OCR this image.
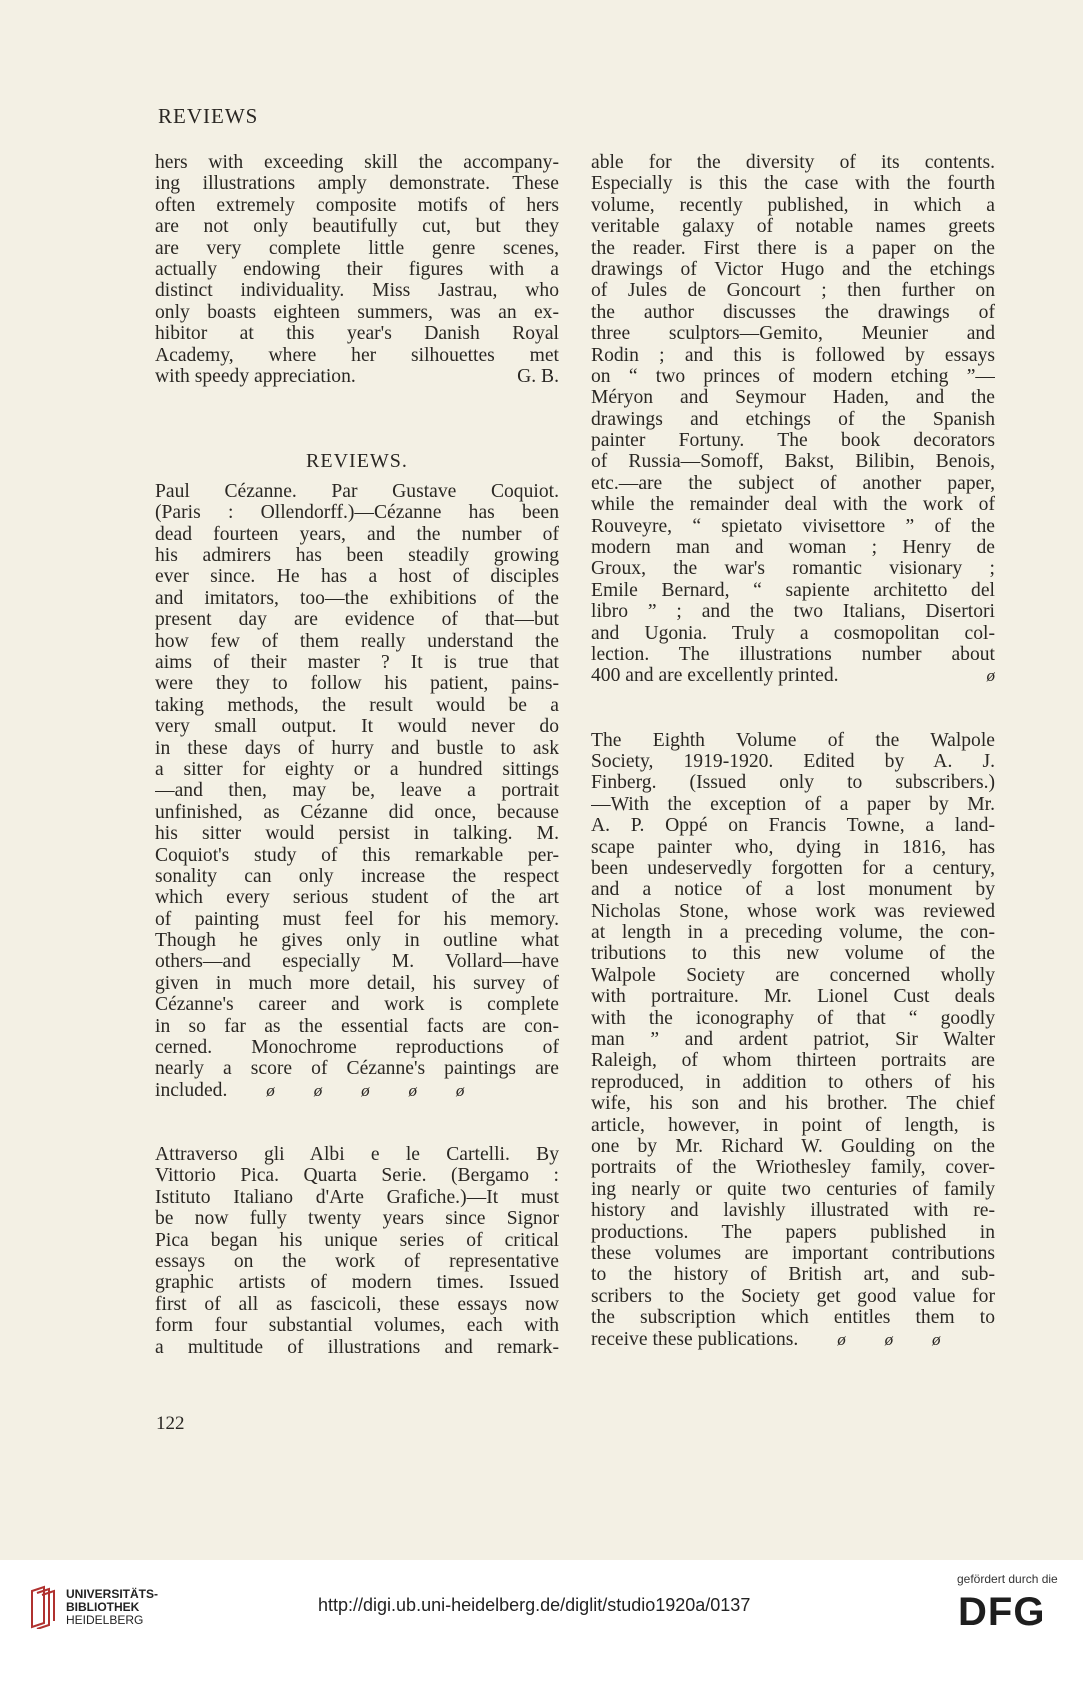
REVIEWS
hers with exceeding skill the accompany-
ing illustrations amply demonstrate. These
often extremely composite motifs of hers
are not only beautifully cut, but they
are very complete little genre scenes,
actually endowing their figures with a
distinct individuality. Miss Jastrau, who
only boasts eighteen summers, was an ex-
hibitor at this year's Danish Royal
Academy, where her silhouettes met
with speedy appreciation.	G. B.
REVIEWS.
Paul Cézanne. Par Gustave Coquiot.
(Paris : Ollendorff.)—Cézanne has been
dead fourteen years, and the number of
his admirers has been steadily growing
ever since. He has a host of disciples
and imitators, too—the exhibitions of the
present day are evidence of that—but
how few of them really understand the
aims of their master ? It is true that
were they to follow his patient, pains-
taking methods, the result would be a
very small output. It would never do
in these days of hurry and bustle to ask
a sitter for eighty or a hundred sittings
—and then, may be, leave a portrait
unfinished, as Cézanne did once, because
his sitter would persist in talking. M.
Coquiot's study of this remarkable per-
sonality can only increase the respect
which every serious student of the art
of painting must feel for his memory.
Though he gives only in outline what
others—and especially M. Vollard—have
given in much more detail, his survey of
Cézanne's career and work is complete
in so far as the essential facts are con-
cerned. Monochrome reproductions of
nearly a score of Cézanne's paintings are
included. ø ø ø ø ø
Attraverso gli Albi e le Cartelli. By
Vittorio Pica. Quarta Serie. (Bergamo :
Istituto Italiano d'Arte Grafiche.)—It must
be now fully twenty years since Signor
Pica began his unique series of critical
essays on the work of representative
graphic artists of modern times. Issued
first of all as fascicoli, these essays now
form four substantial volumes, each with
a multitude of illustrations and remark-
able for the diversity of its contents.
Especially is this the case with the fourth
volume, recently published, in which a
veritable galaxy of notable names greets
the reader. First there is a paper on the
drawings of Victor Hugo and the etchings
of Jules de Goncourt ; then further on
the author discusses the drawings of
three sculptors—Gemito, Meunier and
Rodin ; and this is followed by essays
on “ two princes of modern etching ”—
Méryon and Seymour Haden, and the
drawings and etchings of the Spanish
painter Fortuny. The book decorators
of Russia—Somoff, Bakst, Bilibin, Benois,
etc.—are the subject of another paper,
while the remainder deal with the work of
Rouveyre, “ spietato vivisettore ” of the
modern man and woman ; Henry de
Groux, the war's romantic visionary ;
Emile Bernard, “ sapiente architetto del
libro ” ; and the two Italians, Disertori
and Ugonia. Truly a cosmopolitan col-
lection. The illustrations number about
400 and are excellently printed.	ø
The Eighth Volume of the Walpole
Society, 1919-1920. Edited by A. J.
Finberg. (Issued only to subscribers.)
—With the exception of a paper by Mr.
A. P. Oppé on Francis Towne, a land-
scape painter who, dying in 1816, has
been undeservedly forgotten for a century,
and a notice of a lost monument by
Nicholas Stone, whose work was reviewed
at length in a preceding volume, the con-
tributions to this new volume of the
Walpole Society are concerned wholly
with portraiture. Mr. Lionel Cust deals
with the iconography of that “ goodly
man ” and ardent patriot, Sir Walter
Raleigh, of whom thirteen portraits are
reproduced, in addition to others of his
wife, his son and his brother. The chief
article, however, in point of length, is
one by Mr. Richard W. Goulding on the
portraits of the Wriothesley family, cover-
ing nearly or quite two centuries of family
history and lavishly illustrated with re-
productions. The papers published in
these volumes are important contributions
to the history of British art, and sub-
scribers to the Society get good value for
the subscription which entitles them to
receive these publications. ø ø ø
122
UNIVERSITÄTS-
BIBLIOTHEK
HEIDELBERG
http://digi.ub.uni-heidelberg.de/diglit/studio1920a/0137
gefördert durch die
DFG
